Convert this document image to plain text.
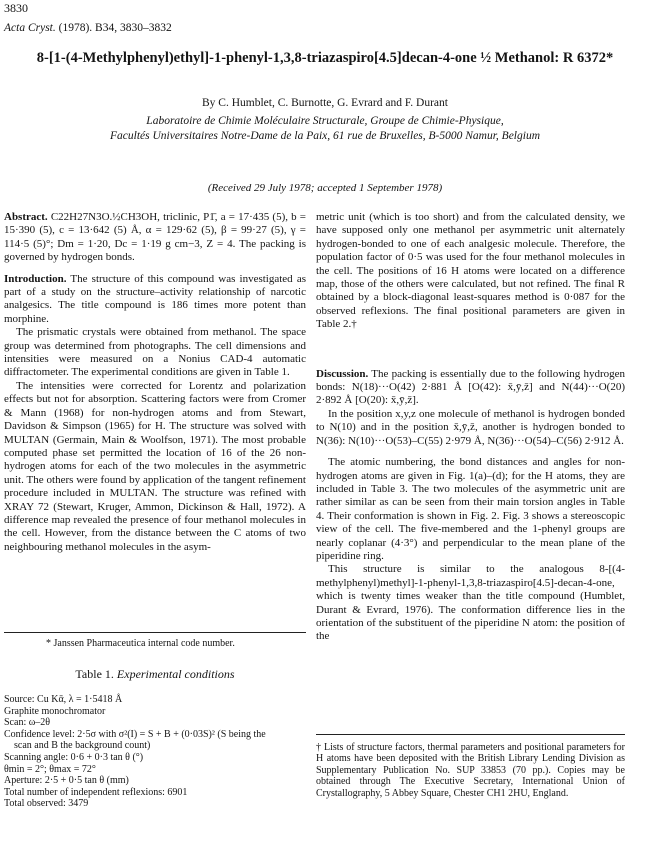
3830
Acta Cryst. (1978). B34, 3830–3832
8-[1-(4-Methylphenyl)ethyl]-1-phenyl-1,3,8-triazaspiro[4.5]decan-4-one ½ Methanol: R 6372*
By C. Humblet, C. Burnotte, G. Evrard and F. Durant
Laboratoire de Chimie Moléculaire Structurale, Groupe de Chimie-Physique,
Facultés Universitaires Notre-Dame de la Paix, 61 rue de Bruxelles, B-5000 Namur, Belgium
(Received 29 July 1978; accepted 1 September 1978)

Abstract. C22H27N3O.½CH3OH, triclinic, P1̄, a = 17·435 (5), b = 15·390 (5), c = 13·642 (5) Å, α = 129·62 (5), β = 99·27 (5), γ = 114·5 (5)°; Dm = 1·20, Dc = 1·19 g cm−3, Z = 4. The packing is governed by hydrogen bonds.

Introduction. The structure of this compound was investigated as part of a study on the structure–activity relationship of narcotic analgesics. The title compound is 186 times more potent than morphine.

The prismatic crystals were obtained from methanol. The space group was determined from photographs. The cell dimensions and intensities were measured on a Nonius CAD-4 automatic diffractometer. The experimental conditions are given in Table 1.

The intensities were corrected for Lorentz and polarization effects but not for absorption. Scattering factors were from Cromer & Mann (1968) for non-hydrogen atoms and from Stewart, Davidson & Simpson (1965) for H. The structure was solved with MULTAN (Germain, Main & Woolfson, 1971). The most probable computed phase set permitted the location of 16 of the 26 non-hydrogen atoms for each of the two molecules in the asymmetric unit. The others were found by application of the tangent refinement procedure included in MULTAN. The structure was refined with XRAY 72 (Stewart, Kruger, Ammon, Dickinson & Hall, 1972). A difference map revealed the presence of four methanol molecules in the cell. However, from the distance between the C atoms of two neighbouring methanol molecules in the asym-

* Janssen Pharmaceutica internal code number.
Table 1. Experimental conditions
Source: Cu Kᾱ, λ = 1·5418 Å
Graphite monochromator
Scan: ω–2θ
Confidence level: 2·5σ with σ²(I) = S + B + (0·03S)² (S being the
scan and B the background count)
Scanning angle: 0·6 + 0·3 tan θ (°)
θmin = 2°; θmax = 72°
Aperture: 2·5 + 0·5 tan θ (mm)
Total number of independent reflexions: 6901
Total observed: 3479

metric unit (which is too short) and from the calculated density, we have supposed only one methanol per asymmetric unit alternately hydrogen-bonded to one of each analgesic molecule. Therefore, the population factor of 0·5 was used for the four methanol molecules in the cell. The positions of 16 H atoms were located on a difference map, those of the others were calculated, but not refined. The final R obtained by a block-diagonal least-squares method is 0·087 for the observed reflexions. The final positional parameters are given in Table 2.†

Discussion. The packing is essentially due to the following hydrogen bonds: N(18)···O(42) 2·881 Å [O(42): x̄,ȳ,z̄] and N(44)···O(20) 2·892 Å [O(20): x̄,ȳ,z̄].

In the position x,y,z one molecule of methanol is hydrogen bonded to N(10) and in the position x̄,ȳ,z̄, another is hydrogen bonded to N(36): N(10)···O(53)–C(55) 2·979 Å, N(36)···O(54)–C(56) 2·912 Å.

The atomic numbering, the bond distances and angles for non-hydrogen atoms are given in Fig. 1(a)–(d); for the H atoms, they are included in Table 3. The two molecules of the asymmetric unit are rather similar as can be seen from their main torsion angles in Table 4. Their conformation is shown in Fig. 2. Fig. 3 shows a stereoscopic view of the cell. The five-membered and the 1-phenyl groups are nearly coplanar (4·3°) and perpendicular to the mean plane of the piperidine ring.

This structure is similar to the analogous 8-[(4-methylphenyl)methyl]-1-phenyl-1,3,8-triazaspiro[4.5]-decan-4-one, which is twenty times weaker than the title compound (Humblet, Durant & Evrard, 1976). The conformation difference lies in the orientation of the substituent of the piperidine N atom: the position of the

† Lists of structure factors, thermal parameters and positional parameters for H atoms have been deposited with the British Library Lending Division as Supplementary Publication No. SUP 33853 (70 pp.). Copies may be obtained through The Executive Secretary, International Union of Crystallography, 5 Abbey Square, Chester CH1 2HU, England.
